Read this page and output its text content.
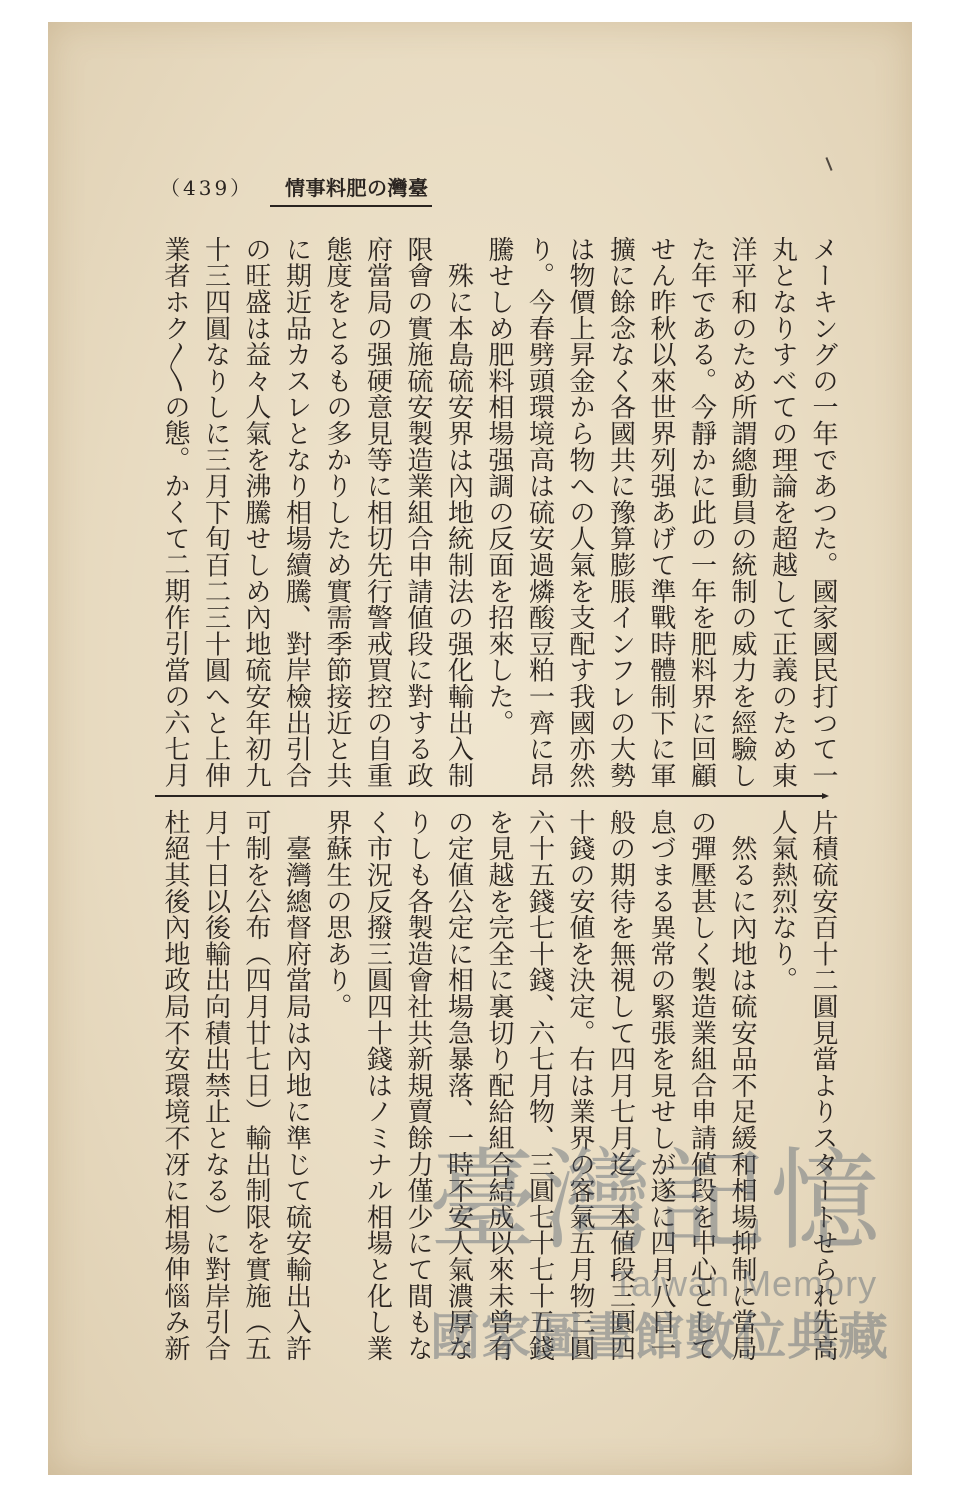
（439） 情事料肥の灣臺
メーキングの一年であつた。國家國民打つて一
丸となりすべての理論を超越して正義のため東
洋平和のため所謂總動員の統制の威力を經驗し
た年である。今靜かに此の一年を肥料界に回顧
せん昨秋以來世界列强あげて準戰時體制下に軍
擴に餘念なく各國共に豫算膨脹インフレの大勢
は物價上昇金から物への人氣を支配す我國亦然
り。今春劈頭環境高は硫安過燐酸豆粕一齊に昂
騰せしめ肥料相場强調の反面を招來した。
　殊に本島硫安界は內地統制法の强化輸出入制
限會の實施硫安製造業組合申請値段に對する政
府當局の强硬意見等に相切先行警戒買控の自重
態度をとるもの多かりしため實需季節接近と共
に期近品カスレとなり相場續騰、對岸檢出引合
の旺盛は益々人氣を沸騰せしめ內地硫安年初九
十三四圓なりしに三月下旬百二三十圓へと上伸
業者ホク〳〵の態。かくて二期作引當の六七月
片積硫安百十二圓見當よりスタートせられ先高
人氣熱烈なり。
　然るに內地は硫安品不足緩和相場抑制に當局
の彈壓甚しく製造業組合申請値段を中心として
息づまる異常の緊張を見せしが遂に四月八日一
般の期待を無視して四月七月迄一本値段三圓四
十錢の安値を決定。右は業界の客氣五月物三圓
六十五錢七十錢、六七月物、三圓七十七十五錢
を見越を完全に裏切り配給組合結成以來未曾有
の定値公定に相場急暴落、一時不安人氣濃厚な
りしも各製造會社共新規賣餘力僅少にて間もな
く市況反撥三圓四十錢はノミナル相場と化し業
界蘇生の思あり。
　臺灣總督府當局は內地に準じて硫安輸出入許
可制を公布（四月廿七日）輸出制限を實施（五
月十日以後輸出向積出禁止となる）に對岸引合
杜絕其後內地政局不安環境不冴に相場伸惱み新 臺灣記憶
Taiwan Memory
國家圖書館數位典藏
